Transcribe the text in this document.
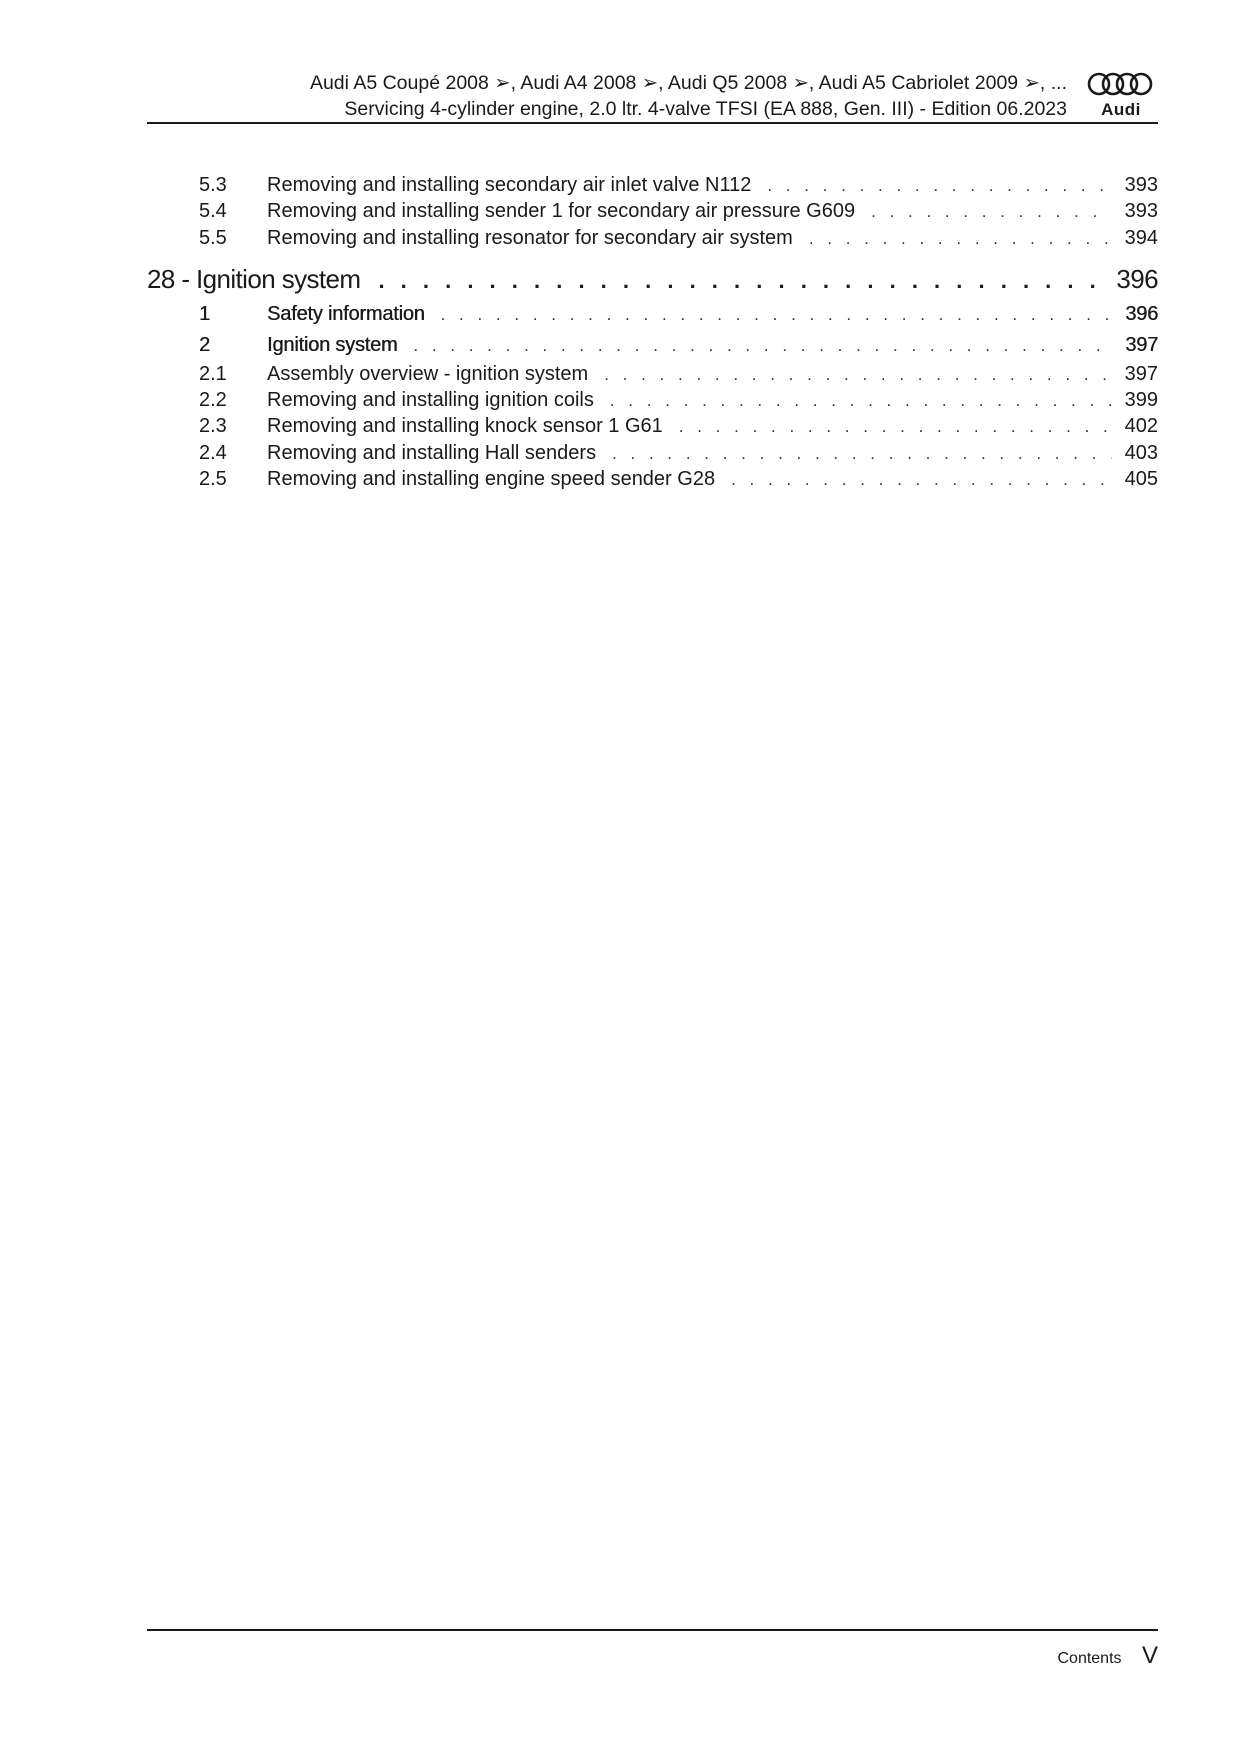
Audi A5 Coupé 2008 ➢, Audi A4 2008 ➢, Audi Q5 2008 ➢, Audi A5 Cabriolet 2009 ➢, ...
Servicing 4-cylinder engine, 2.0 ltr. 4-valve TFSI (EA 888, Gen. III) - Edition 06.2023	Audi
5.3	Removing and installing secondary air inlet valve N112 . . .	393
5.4	Removing and installing sender 1 for secondary air pressure G609 . . .	393
5.5	Removing and installing resonator for secondary air system . . .	394
28 - Ignition system . . .	396
1	Safety information . . .	396
2	Ignition system . . .	397
2.1	Assembly overview - ignition system . . .	397
2.2	Removing and installing ignition coils . . .	399
2.3	Removing and installing knock sensor 1 G61 . . .	402
2.4	Removing and installing Hall senders . . .	403
2.5	Removing and installing engine speed sender G28 . . .	405
Contents V
